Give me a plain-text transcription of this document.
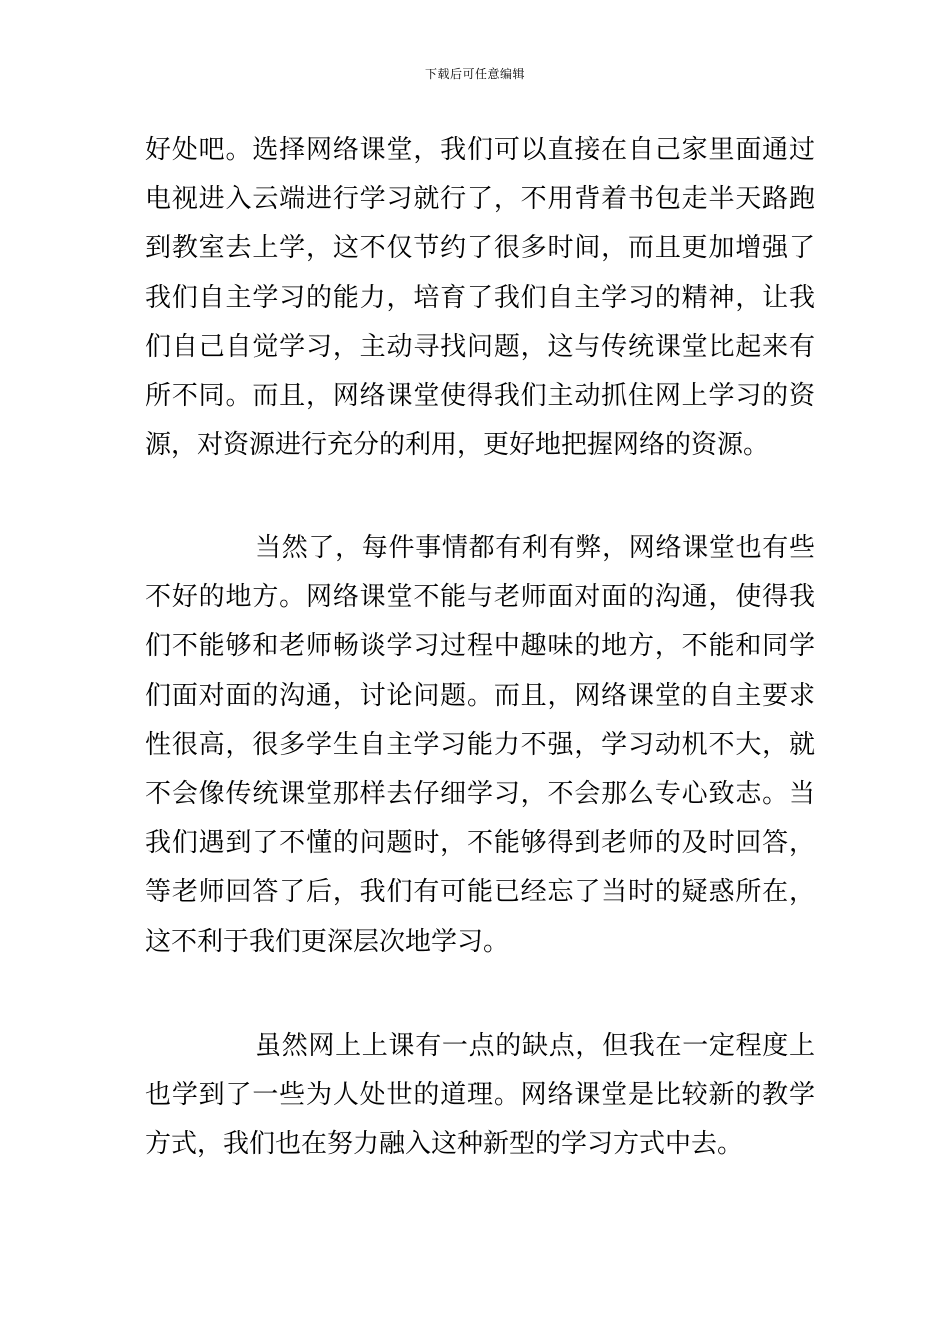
下载后可任意编辑
好处吧。选择网络课堂，我们可以直接在自己家里面通过
电视进入云端进行学习就行了，不用背着书包走半天路跑
到教室去上学，这不仅节约了很多时间，而且更加增强了
我们自主学习的能力，培育了我们自主学习的精神，让我
们自己自觉学习，主动寻找问题，这与传统课堂比起来有
所不同。而且，网络课堂使得我们主动抓住网上学习的资
源，对资源进行充分的利用，更好地把握网络的资源。
当然了，每件事情都有利有弊，网络课堂也有些
不好的地方。网络课堂不能与老师面对面的沟通，使得我
们不能够和老师畅谈学习过程中趣味的地方，不能和同学
们面对面的沟通，讨论问题。而且，网络课堂的自主要求
性很高，很多学生自主学习能力不强，学习动机不大，就
不会像传统课堂那样去仔细学习，不会那么专心致志。当
我们遇到了不懂的问题时，不能够得到老师的及时回答，
等老师回答了后，我们有可能已经忘了当时的疑惑所在，
这不利于我们更深层次地学习。
虽然网上上课有一点的缺点，但我在一定程度上
也学到了一些为人处世的道理。网络课堂是比较新的教学
方式，我们也在努力融入这种新型的学习方式中去。
